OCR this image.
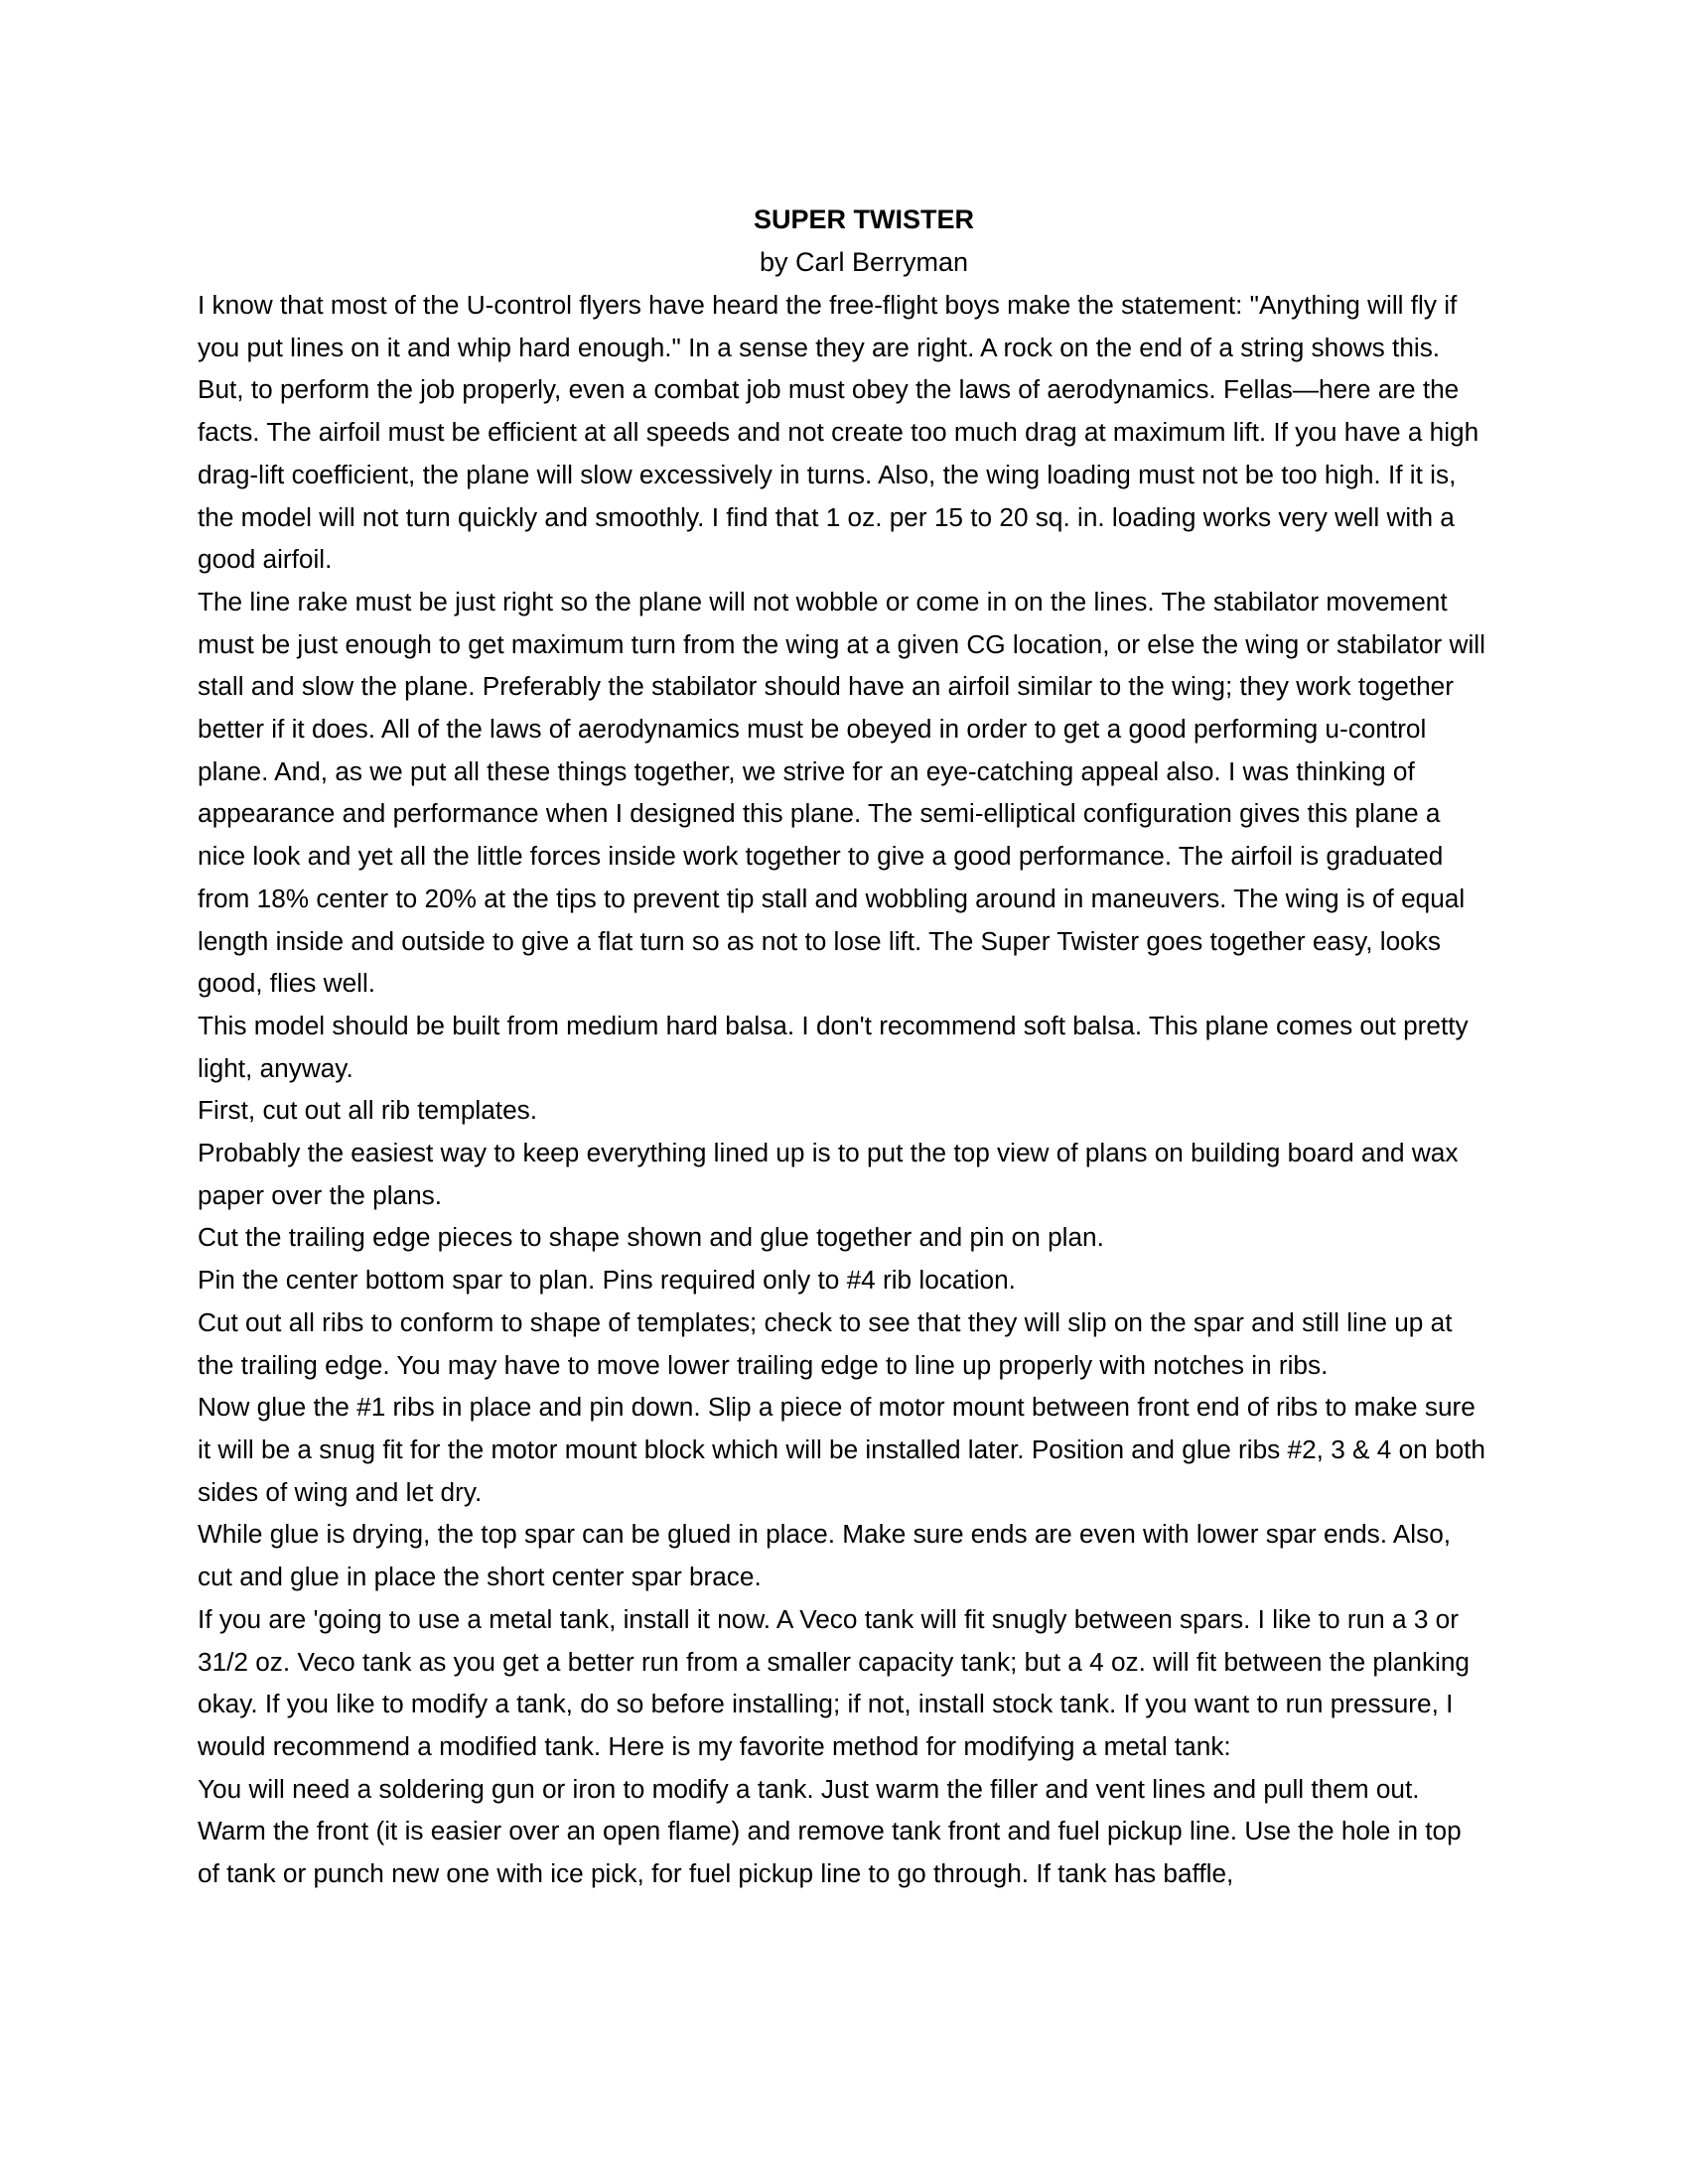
SUPER TWISTER

by Carl Berryman

I know that most of the U-control flyers have heard the free-flight boys make the statement: "Anything will fly if you put lines on it and whip hard enough." In a sense they are right. A rock on the end of a string shows this. But, to perform the job properly, even a combat job must obey the laws of aerodynamics. Fellas—here are the facts. The airfoil must be efficient at all speeds and not create too much drag at maximum lift. If you have a high drag-lift coefficient, the plane will slow excessively in turns. Also, the wing loading must not be too high. If it is, the model will not turn quickly and smoothly. I find that 1 oz. per 15 to 20 sq. in. loading works very well with a good airfoil.

The line rake must be just right so the plane will not wobble or come in on the lines. The stabilator movement must be just enough to get maximum turn from the wing at a given CG location, or else the wing or stabilator will stall and slow the plane. Preferably the stabilator should have an airfoil similar to the wing; they work together better if it does. All of the laws of aerodynamics must be obeyed in order to get a good performing u-control plane. And, as we put all these things together, we strive for an eye-catching appeal also. I was thinking of appearance and performance when I designed this plane. The semi-elliptical configuration gives this plane a nice look and yet all the little forces inside work together to give a good performance. The airfoil is graduated from 18% center to 20% at the tips to prevent tip stall and wobbling around in maneuvers. The wing is of equal length inside and outside to give a flat turn so as not to lose lift. The Super Twister goes together easy, looks good, flies well.

This model should be built from medium hard balsa. I don't recommend soft balsa. This plane comes out pretty light, anyway.

First, cut out all rib templates.

Probably the easiest way to keep everything lined up is to put the top view of plans on building board and wax paper over the plans.

Cut the trailing edge pieces to shape shown and glue together and pin on plan.

Pin the center bottom spar to plan. Pins required only to #4 rib location.

Cut out all ribs to conform to shape of templates; check to see that they will slip on the spar and still line up at the trailing edge. You may have to move lower trailing edge to line up properly with notches in ribs.

Now glue the #1 ribs in place and pin down. Slip a piece of motor mount between front end of ribs to make sure it will be a snug fit for the motor mount block which will be installed later. Position and glue ribs #2, 3 & 4 on both sides of wing and let dry.

While glue is drying, the top spar can be glued in place. Make sure ends are even with lower spar ends. Also, cut and glue in place the short center spar brace.

If you are 'going to use a metal tank, install it now. A Veco tank will fit snugly between spars. I like to run a 3 or 31/2 oz. Veco tank as you get a better run from a smaller capacity tank; but a 4 oz. will fit between the planking okay. If you like to modify a tank, do so before installing; if not, install stock tank. If you want to run pressure, I would recommend a modified tank. Here is my favorite method for modifying a metal tank:

You will need a soldering gun or iron to modify a tank. Just warm the filler and vent lines and pull them out. Warm the front (it is easier over an open flame) and remove tank front and fuel pickup line. Use the hole in top of tank or punch new one with ice pick, for fuel pickup line to go through. If tank has baffle,
